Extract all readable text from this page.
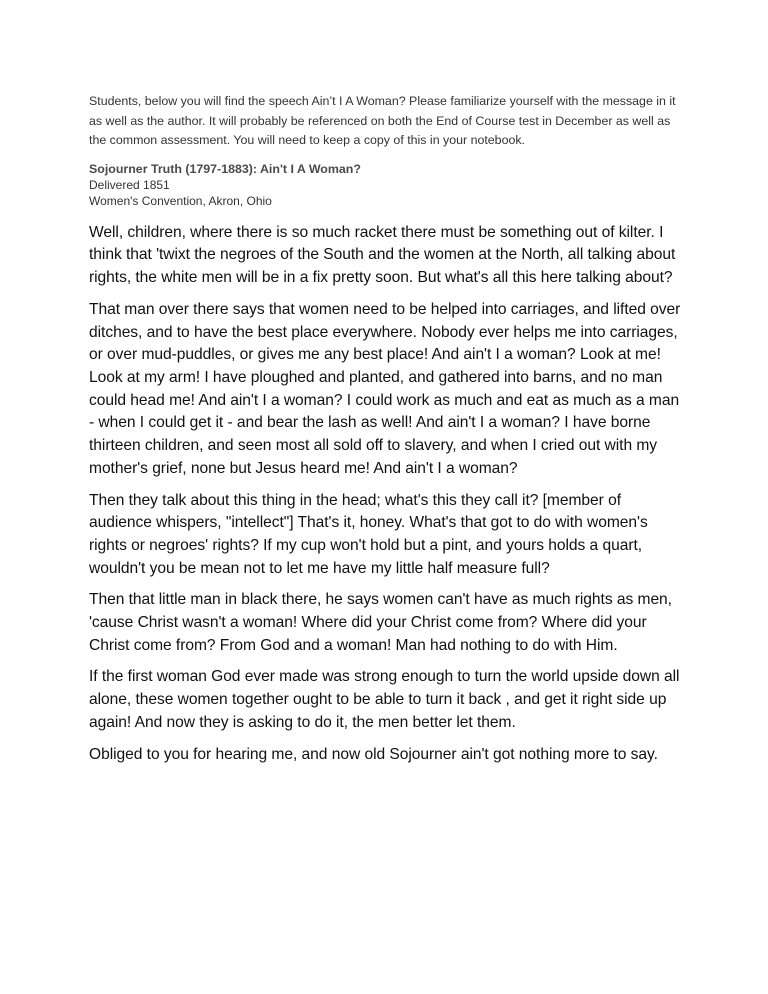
Students, below you will find the speech Ain’t I A Woman? Please familiarize yourself with the message in it as well as the author. It will probably be referenced on both the End of Course test in December as well as the common assessment. You will need to keep a copy of this in your notebook.

Sojourner Truth (1797-1883): Ain't I A Woman?

Delivered 1851

Women's Convention, Akron, Ohio

Well, children, where there is so much racket there must be something out of kilter. I think that 'twixt the negroes of the South and the women at the North, all talking about rights, the white men will be in a fix pretty soon. But what's all this here talking about?

That man over there says that women need to be helped into carriages, and lifted over ditches, and to have the best place everywhere. Nobody ever helps me into carriages, or over mud-puddles, or gives me any best place! And ain't I a woman? Look at me! Look at my arm! I have ploughed and planted, and gathered into barns, and no man could head me! And ain't I a woman? I could work as much and eat as much as a man - when I could get it - and bear the lash as well! And ain't I a woman? I have borne thirteen children, and seen most all sold off to slavery, and when I cried out with my mother's grief, none but Jesus heard me! And ain't I a woman?

Then they talk about this thing in the head; what's this they call it? [member of audience whispers, "intellect"] That's it, honey. What's that got to do with women's rights or negroes' rights? If my cup won't hold but a pint, and yours holds a quart, wouldn't you be mean not to let me have my little half measure full?

Then that little man in black there, he says women can't have as much rights as men, 'cause Christ wasn't a woman! Where did your Christ come from? Where did your Christ come from? From God and a woman! Man had nothing to do with Him.

If the first woman God ever made was strong enough to turn the world upside down all alone, these women together ought to be able to turn it back , and get it right side up again! And now they is asking to do it, the men better let them.

Obliged to you for hearing me, and now old Sojourner ain't got nothing more to say.
